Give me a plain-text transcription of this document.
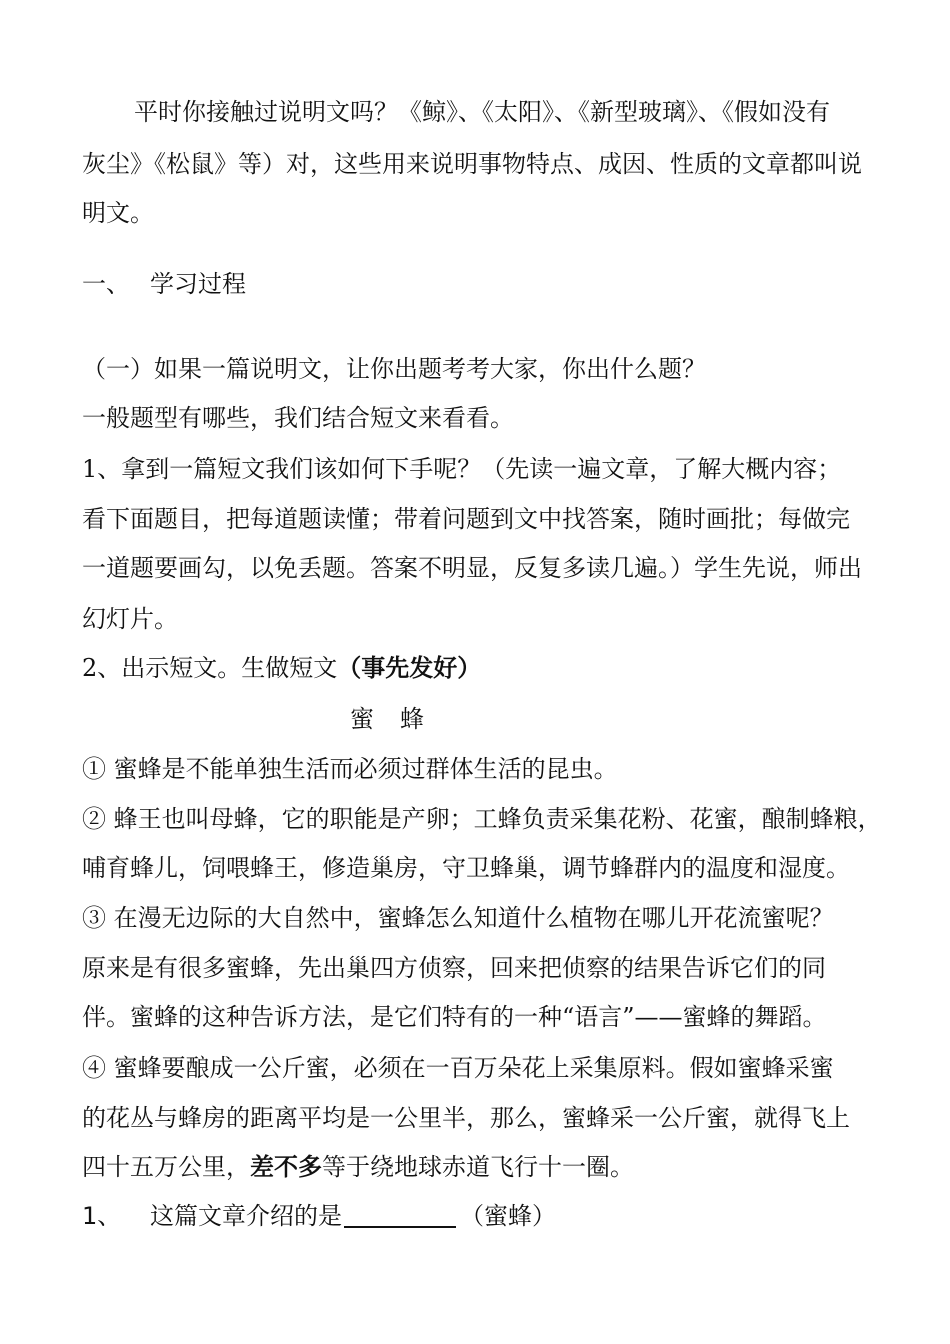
平时你接触过说明文吗？《鲸》、《太阳》、《新型玻璃》、《假如没有
灰尘》《松鼠》等）对，这些用来说明事物特点、成因、性质的文章都叫说
明文。
一、 学习过程
（一）如果一篇说明文，让你出题考考大家，你出什么题？
一般题型有哪些，我们结合短文来看看。
1、拿到一篇短文我们该如何下手呢？（先读一遍文章，了解大概内容；
看下面题目，把每道题读懂；带着问题到文中找答案，随时画批；每做完
一道题要画勾，以免丢题。答案不明显，反复多读几遍。）学生先说，师出
幻灯片。
2、出示短文。生做短文（事先发好）
蜜 蜂
① 蜜蜂是不能单独生活而必须过群体生活的昆虫。
② 蜂王也叫母蜂，它的职能是产卵；工蜂负责采集花粉、花蜜，酿制蜂粮，
哺育蜂儿，饲喂蜂王，修造巢房，守卫蜂巢，调节蜂群内的温度和湿度。
③ 在漫无边际的大自然中，蜜蜂怎么知道什么植物在哪儿开花流蜜呢？
原来是有很多蜜蜂，先出巢四方侦察，回来把侦察的结果告诉它们的同
伴。蜜蜂的这种告诉方法，是它们特有的一种“语言”——蜜蜂的舞蹈。
④ 蜜蜂要酿成一公斤蜜，必须在一百万朵花上采集原料。假如蜜蜂采蜜
的花丛与蜂房的距离平均是一公里半，那么，蜜蜂采一公斤蜜，就得飞上
四十五万公里，差不多等于绕地球赤道飞行十一圈。
1、 这篇文章介绍的是	（蜜蜂）
